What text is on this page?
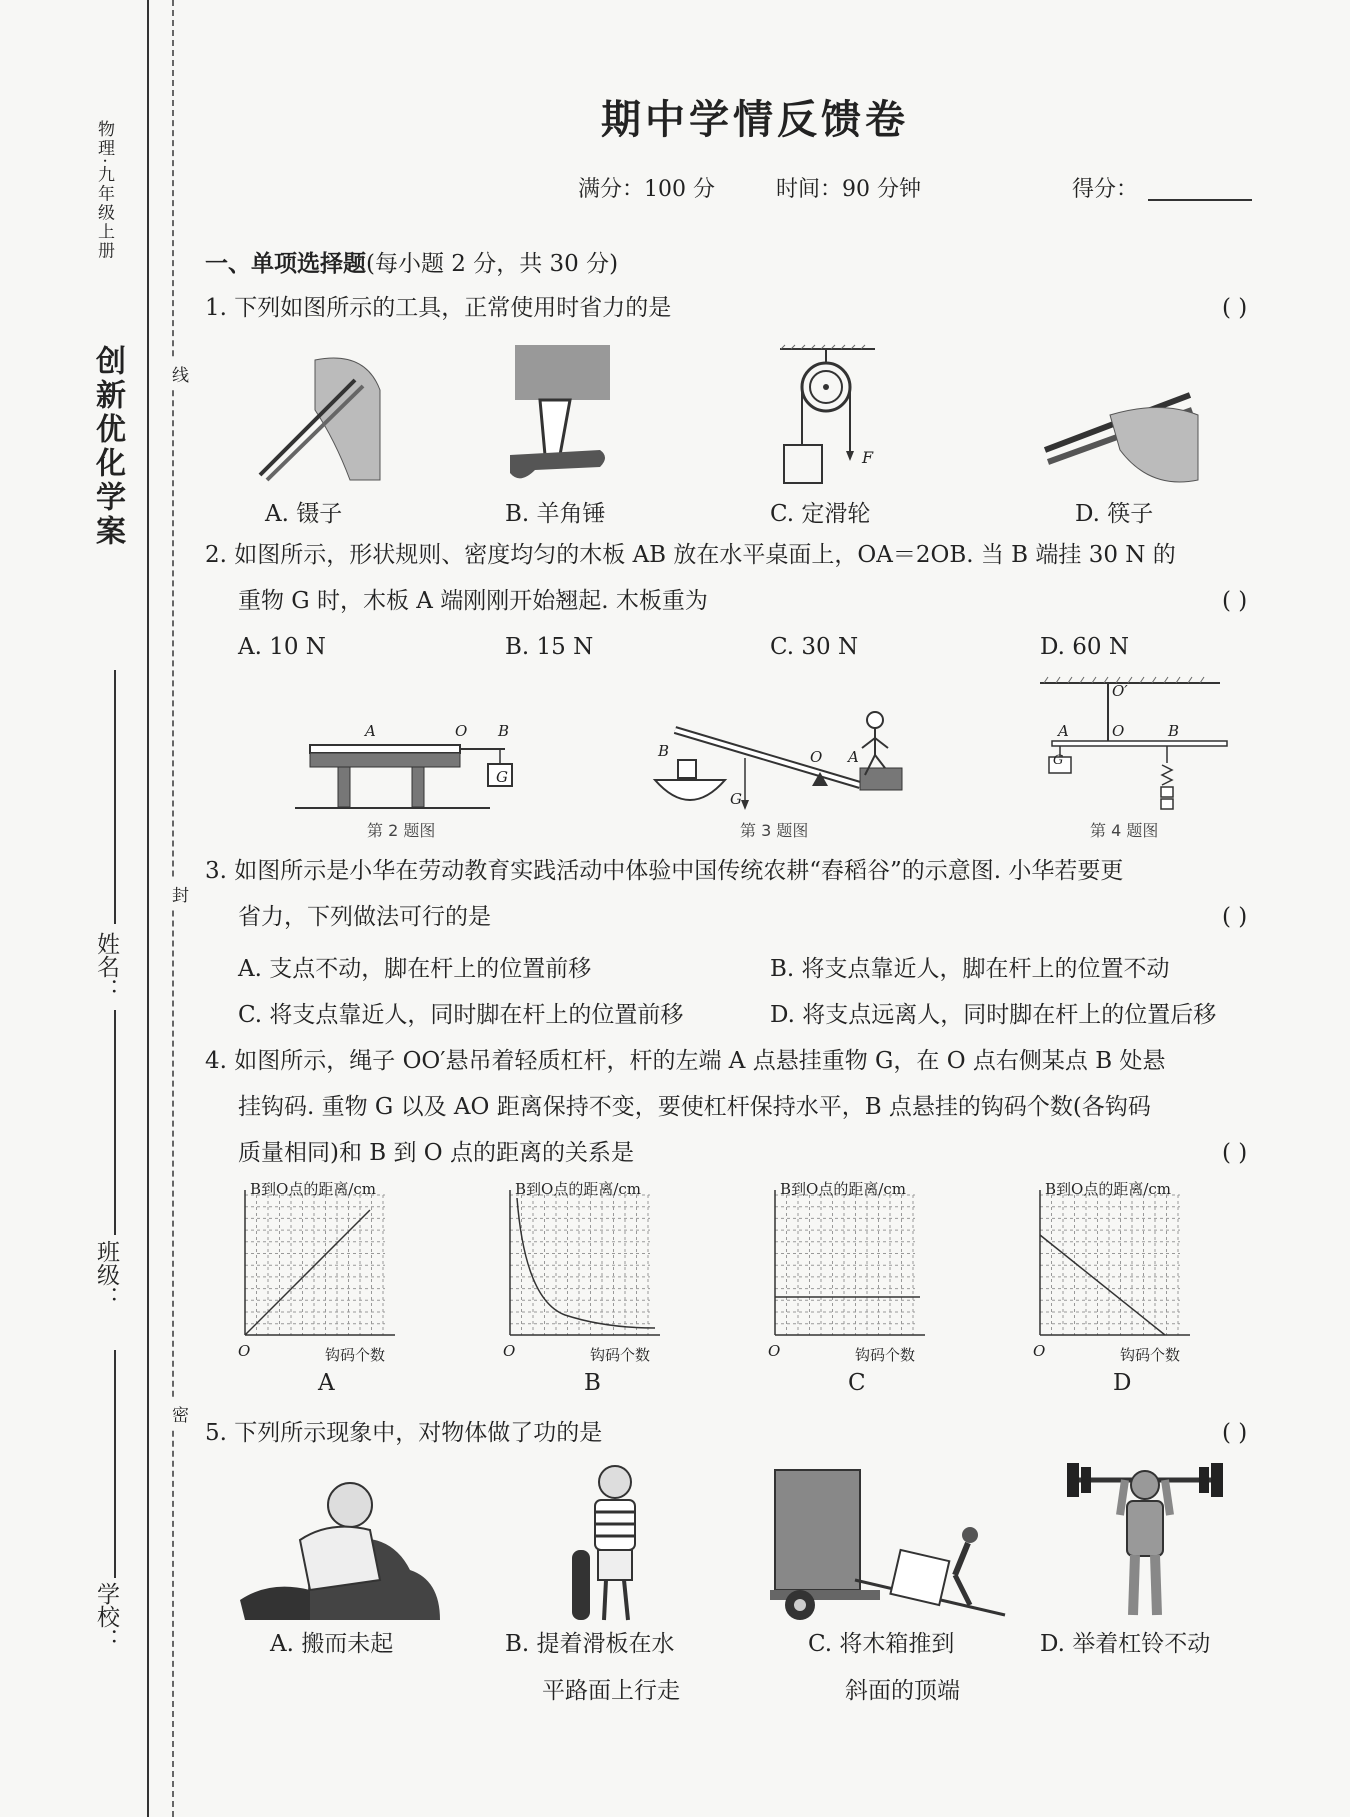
创新优化学案
物理·九年级上册
线
封
密
姓名：
班级：
学校：
期中学情反馈卷
满分：100 分	时间：90 分钟	得分：
一、单项选择题(每小题 2 分，共 30 分)
1. 下列如图所示的工具，正常使用时省力的是	( )
F
A. 镊子	B. 羊角锤	C. 定滑轮	D. 筷子
2. 如图所示，形状规则、密度均匀的木板 AB 放在水平桌面上，OA＝2OB. 当 B 端挂 30 N 的
重物 G 时，木板 A 端刚刚开始翘起. 木板重为	( )
A. 10 N	B. 15 N	C. 30 N	D. 60 N
A	O B
G
第 2 题图
B	O A
G
第 3 题图
O′
A	O	B
G
第 4 题图
3. 如图所示是小华在劳动教育实践活动中体验中国传统农耕“舂稻谷”的示意图. 小华若要更
省力，下列做法可行的是	( )
A. 支点不动，脚在杆上的位置前移	B. 将支点靠近人，脚在杆上的位置不动
C. 将支点靠近人，同时脚在杆上的位置前移	D. 将支点远离人，同时脚在杆上的位置后移
4. 如图所示，绳子 OO′悬吊着轻质杠杆，杆的左端 A 点悬挂重物 G，在 O 点右侧某点 B 处悬
挂钩码. 重物 G 以及 AO 距离保持不变，要使杠杆保持水平，B 点悬挂的钩码个数(各钩码
质量相同)和 B 到 O 点的距离的关系是	( )
B到O点的距离/cm
O	钩码个数
A
B到O点的距离/cm
O	钩码个数
B
B到O点的距离/cm
O	钩码个数
C
B到O点的距离/cm
O	钩码个数
D
5. 下列所示现象中，对物体做了功的是	( )
A. 搬而未起	B. 提着滑板在水
平路面上行走
C. 将木箱推到
斜面的顶端
D. 举着杠铃不动
